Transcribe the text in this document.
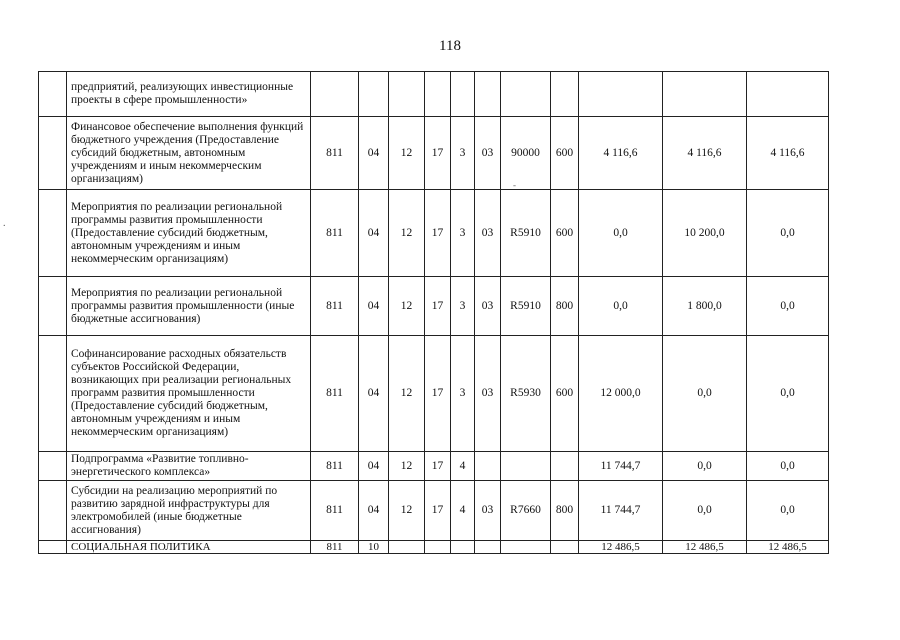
118
.
-
	предприятий, реализующих инвестиционные проекты в сфере промышленности»											
	Финансовое обеспечение выполнения функций бюджетного учреждения (Предоставление субсидий бюджетным, автономным учреждениям и иным некоммерческим организациям)	811	04	12	17	3	03	90000	600	4 116,6	4 116,6	4 116,6
	Мероприятия по реализации региональной программы развития промышленности (Предоставление субсидий бюджетным, автономным учреждениям и иным некоммерческим организациям)	811	04	12	17	3	03	R5910	600	0,0	10 200,0	0,0
	Мероприятия по реализации региональной программы развития промышленности (иные бюджетные ассигнования)	811	04	12	17	3	03	R5910	800	0,0	1 800,0	0,0
	Софинансирование расходных обязательств субъектов Российской Федерации, возникающих при реализации региональных программ развития промышленности (Предоставление субсидий бюджетным, автономным учреждениям и иным некоммерческим организациям)	811	04	12	17	3	03	R5930	600	12 000,0	0,0	0,0
	Подпрограмма «Развитие топливно-энергетического комплекса»	811	04	12	17	4				11 744,7	0,0	0,0
	Субсидии на реализацию мероприятий по развитию зарядной инфраструктуры для электромобилей (иные бюджетные ассигнования)	811	04	12	17	4	03	R7660	800	11 744,7	0,0	0,0
	СОЦИАЛЬНАЯ ПОЛИТИКА	811	10							12 486,5	12 486,5	12 486,5
